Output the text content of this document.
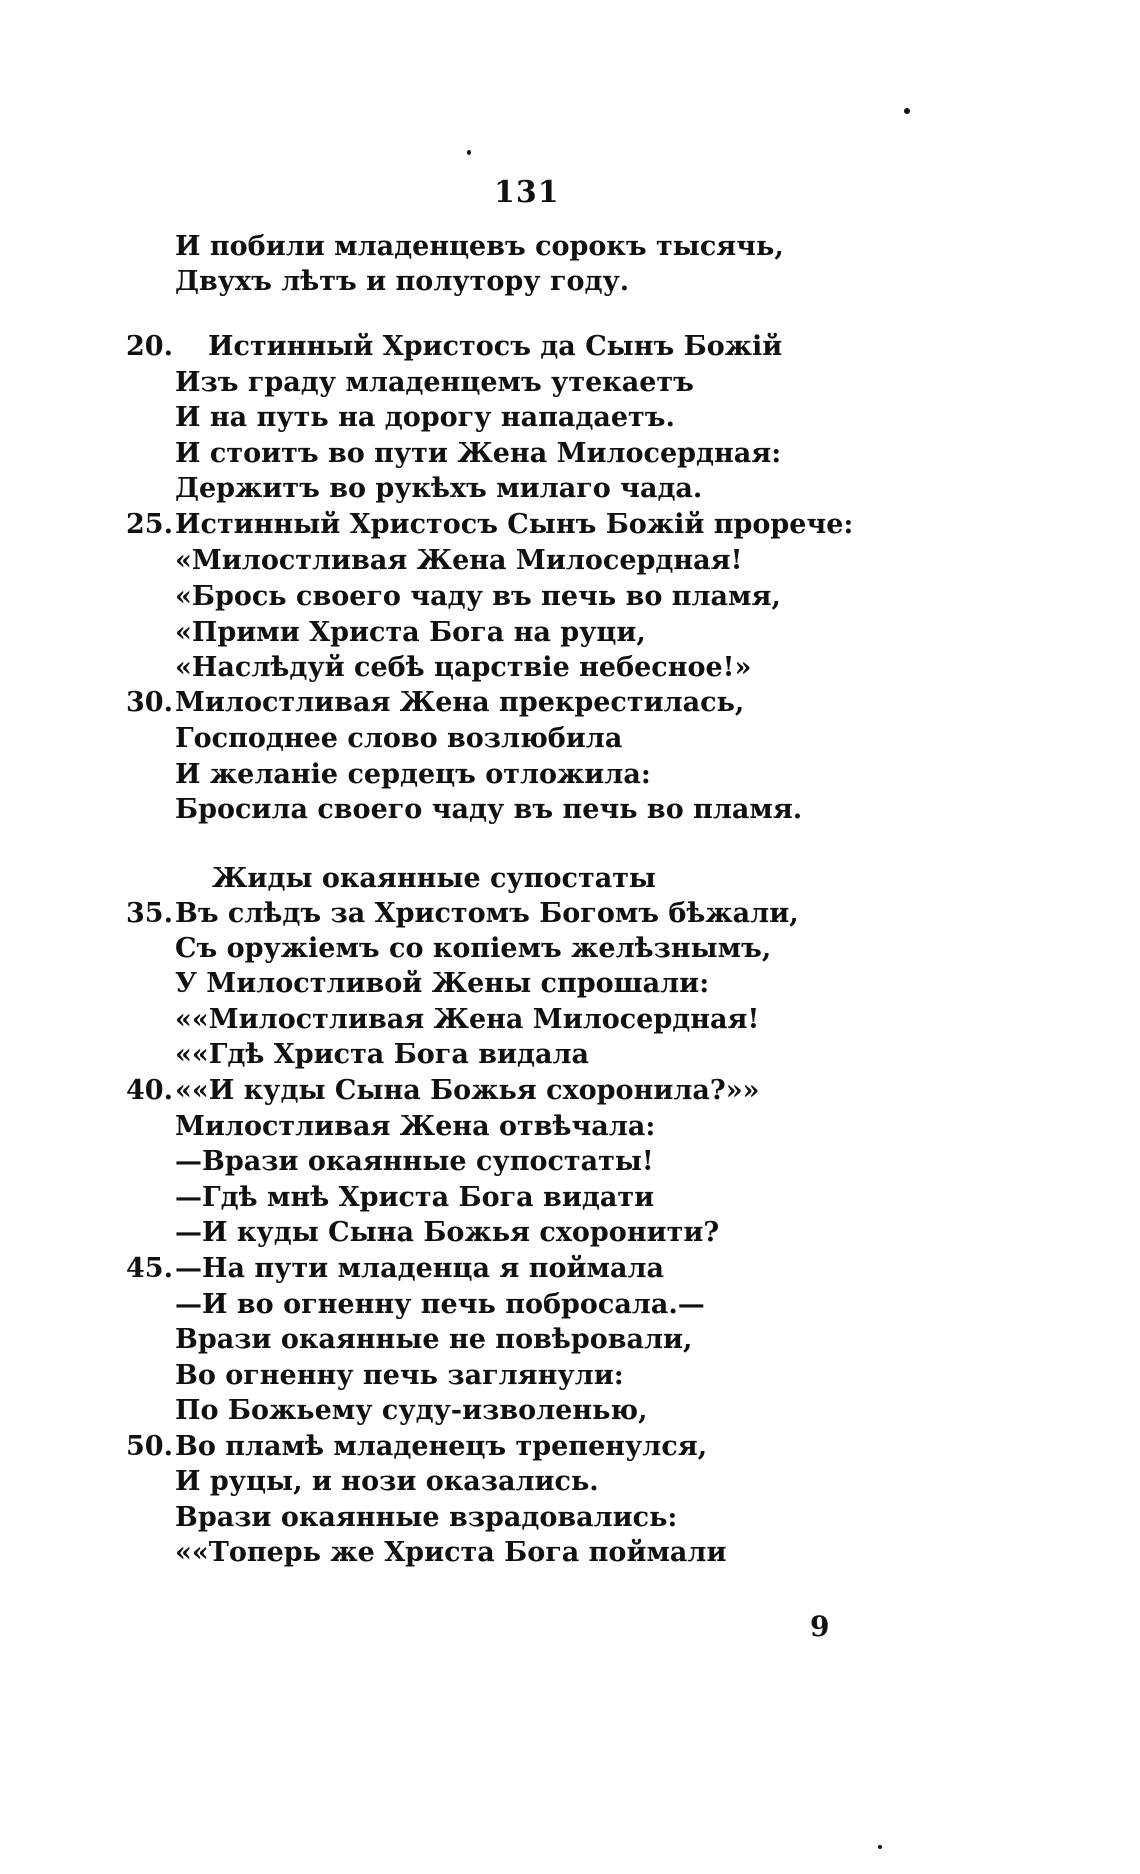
131
И побили младенцевъ сорокъ тысячь,
Двухъ лѣтъ и полутору году.
Истинный Христосъ да Сынъ Божій
20.
Изъ граду младенцемъ утекаетъ
И на путь на дорогу нападаетъ.
И стоитъ во пути Жена Милосердная:
Держитъ во рукѣхъ милаго чада.
Истинный Христосъ Сынъ Божій прорече:
25.
«Милостливая Жена Милосердная!
«Брось своего чаду въ печь во пламя,
«Прими Христа Бога на руци,
«Наслѣдуй себѣ царствіе небесное!»
Милостливая Жена прекрестилась,
30.
Господнее слово возлюбила
И желаніе сердецъ отложила:
Бросила своего чаду въ печь во пламя.
Жиды окаянные супостаты
Въ слѣдъ за Христомъ Богомъ бѣжали,
35.
Съ оружіемъ со копіемъ желѣзнымъ,
У Милостливой Жены спрошали:
««Милостливая Жена Милосердная!
««Гдѣ Христа Бога видала
««И куды Сына Божья схоронила?»»
40.
Милостливая Жена отвѣчала:
—Врази окаянные супостаты!
—Гдѣ мнѣ Христа Бога видати
—И куды Сына Божья схоронити?
—На пути младенца я поймала
45.
—И во огненну печь побросала.—
Врази окаянные не повѣровали,
Во огненну печь заглянули:
По Божьему суду-изволенью,
Во пламѣ младенецъ трепенулся,
50.
И руцы, и нози оказались.
Врази окаянные взрадовались:
««Топерь же Христа Бога поймали
9
